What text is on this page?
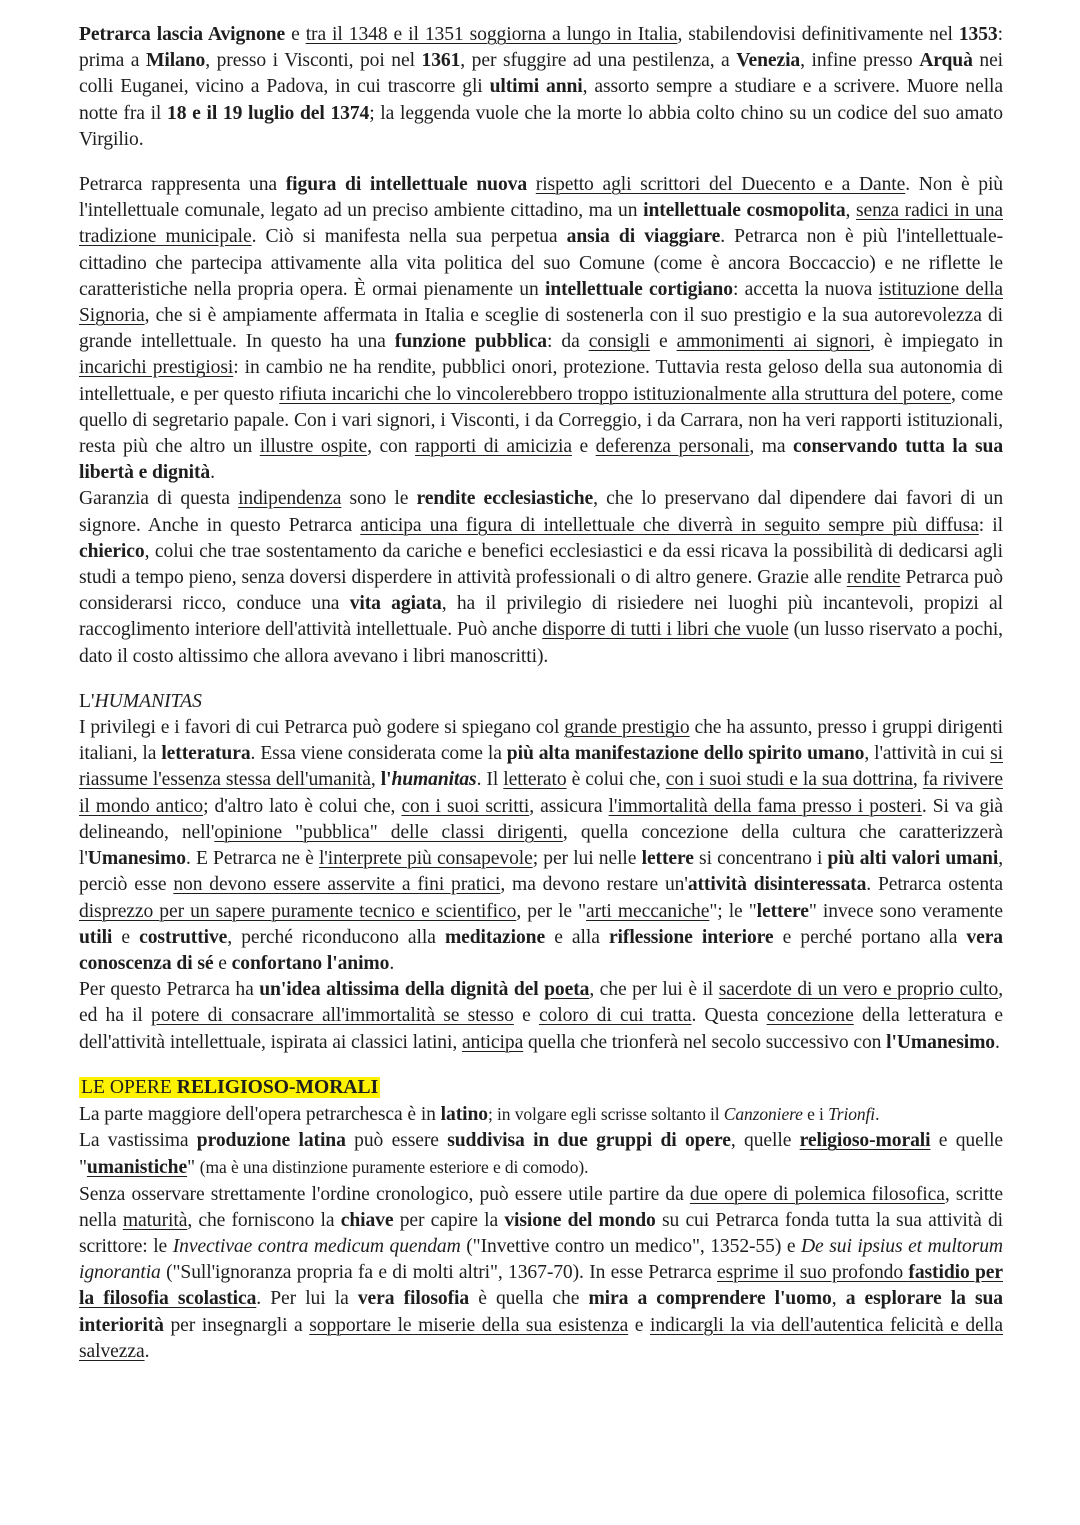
Petrarca lascia Avignone e tra il 1348 e il 1351 soggiorna a lungo in Italia, stabilendovisi definitivamente nel 1353: prima a Milano, presso i Visconti, poi nel 1361, per sfuggire ad una pestilenza, a Venezia, infine presso Arquà nei colli Euganei, vicino a Padova, in cui trascorre gli ultimi anni, assorto sempre a studiare e a scrivere. Muore nella notte fra il 18 e il 19 luglio del 1374; la leggenda vuole che la morte lo abbia colto chino su un codice del suo amato Virgilio.

Petrarca rappresenta una figura di intellettuale nuova rispetto agli scrittori del Duecento e a Dante. Non è più l'intellettuale comunale, legato ad un preciso ambiente cittadino, ma un intellettuale cosmopolita, senza radici in una tradizione municipale. Ciò si manifesta nella sua perpetua ansia di viaggiare. Petrarca non è più l'intellettuale-cittadino che partecipa attivamente alla vita politica del suo Comune (come è ancora Boccaccio) e ne riflette le caratteristiche nella propria opera. È ormai pienamente un intellettuale cortigiano: accetta la nuova istituzione della Signoria, che si è ampiamente affermata in Italia e sceglie di sostenerla con il suo prestigio e la sua autorevolezza di grande intellettuale. In questo ha una funzione pubblica: da consigli e ammonimenti ai signori, è impiegato in incarichi prestigiosi: in cambio ne ha rendite, pubblici onori, protezione. Tuttavia resta geloso della sua autonomia di intellettuale, e per questo rifiuta incarichi che lo vincolerebbero troppo istituzionalmente alla struttura del potere, come quello di segretario papale. Con i vari signori, i Visconti, i da Correggio, i da Carrara, non ha veri rapporti istituzionali, resta più che altro un illustre ospite, con rapporti di amicizia e deferenza personali, ma conservando tutta la sua libertà e dignità.

Garanzia di questa indipendenza sono le rendite ecclesiastiche, che lo preservano dal dipendere dai favori di un signore. Anche in questo Petrarca anticipa una figura di intellettuale che diverrà in seguito sempre più diffusa: il chierico, colui che trae sostentamento da cariche e benefici ecclesiastici e da essi ricava la possibilità di dedicarsi agli studi a tempo pieno, senza doversi disperdere in attività professionali o di altro genere. Grazie alle rendite Petrarca può considerarsi ricco, conduce una vita agiata, ha il privilegio di risiedere nei luoghi più incantevoli, propizi al raccoglimento interiore dell'attività intellettuale. Può anche disporre di tutti i libri che vuole (un lusso riservato a pochi, dato il costo altissimo che allora avevano i libri manoscritti).

L'HUMANITAS

I privilegi e i favori di cui Petrarca può godere si spiegano col grande prestigio che ha assunto, presso i gruppi dirigenti italiani, la letteratura. Essa viene considerata come la più alta manifestazione dello spirito umano, l'attività in cui si riassume l'essenza stessa dell'umanità, l'humanitas. Il letterato è colui che, con i suoi studi e la sua dottrina, fa rivivere il mondo antico; d'altro lato è colui che, con i suoi scritti, assicura l'immortalità della fama presso i posteri. Si va già delineando, nell'opinione "pubblica" delle classi dirigenti, quella concezione della cultura che caratterizzerà l'Umanesimo. E Petrarca ne è l'interprete più consapevole; per lui nelle lettere si concentrano i più alti valori umani, perciò esse non devono essere asservite a fini pratici, ma devono restare un'attività disinteressata. Petrarca ostenta disprezzo per un sapere puramente tecnico e scientifico, per le "arti meccaniche"; le "lettere" invece sono veramente utili e costruttive, perché riconducono alla meditazione e alla riflessione interiore e perché portano alla vera conoscenza di sé e confortano l'animo.

Per questo Petrarca ha un'idea altissima della dignità del poeta, che per lui è il sacerdote di un vero e proprio culto, ed ha il potere di consacrare all'immortalità se stesso e coloro di cui tratta. Questa concezione della letteratura e dell'attività intellettuale, ispirata ai classici latini, anticipa quella che trionferà nel secolo successivo con l'Umanesimo.

LE OPERE RELIGIOSO-MORALI

La parte maggiore dell'opera petrarchesca è in latino; in volgare egli scrisse soltanto il Canzoniere e i Trionfi.

La vastissima produzione latina può essere suddivisa in due gruppi di opere, quelle religioso-morali e quelle "umanistiche" (ma è una distinzione puramente esteriore e di comodo).

Senza osservare strettamente l'ordine cronologico, può essere utile partire da due opere di polemica filosofica, scritte nella maturità, che forniscono la chiave per capire la visione del mondo su cui Petrarca fonda tutta la sua attività di scrittore: le Invectivae contra medicum quendam ("Invettive contro un medico", 1352-55) e De sui ipsius et multorum ignorantia ("Sull'ignoranza propria fa e di molti altri", 1367-70). In esse Petrarca esprime il suo profondo fastidio per la filosofia scolastica. Per lui la vera filosofia è quella che mira a comprendere l'uomo, a esplorare la sua interiorità per insegnargli a sopportare le miserie della sua esistenza e indicargli la via dell'autentica felicità e della salvezza.
